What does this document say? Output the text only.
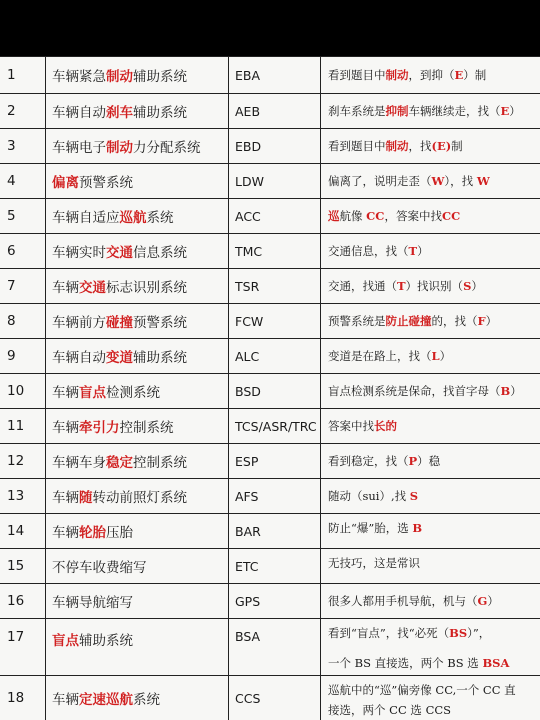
1	车辆紧急制动辅助系统	EBA	看到题目中制动，到抑（E）制
2	车辆自动刹车辅助系统	AEB	刹车系统是抑制车辆继续走，找（E）
3	车辆电子制动力分配系统	EBD	看到题目中制动，找(E)制
4	偏离预警系统	LDW	偏离了，说明走歪（W），找 W
5	车辆自适应巡航系统	ACC	巡航像 CC，答案中找CC
6	车辆实时交通信息系统	TMC	交通信息，找（T）
7	车辆交通标志识别系统	TSR	交通，找通（T）找识别（S）
8	车辆前方碰撞预警系统	FCW	预警系统是防止碰撞的，找（F）
9	车辆自动变道辅助系统	ALC	变道是在路上，找（L）
10	车辆盲点检测系统	BSD	盲点检测系统是保命，找首字母（B）
11	车辆牵引力控制系统	TCS/ASR/TRC	答案中找长的
12	车辆车身稳定控制系统	ESP	看到稳定，找（P）稳
13	车辆随转动前照灯系统	AFS	随动（sui）,找 S
14	车辆轮胎压胎	BAR	防止“爆”胎，选 B
15	不停车收费缩写	ETC	无技巧，这是常识
16	车辆导航缩写	GPS	很多人都用手机导航，机与（G）
17	盲点辅助系统	BSA	看到“盲点”，找“必死（BS）”，
一个 BS 直接选，两个 BS 选 BSA

18	车辆定速巡航系统	CCS	巡航中的“巡”偏旁像 CC,一个 CC 直
接选，两个 CC 选 CCS
